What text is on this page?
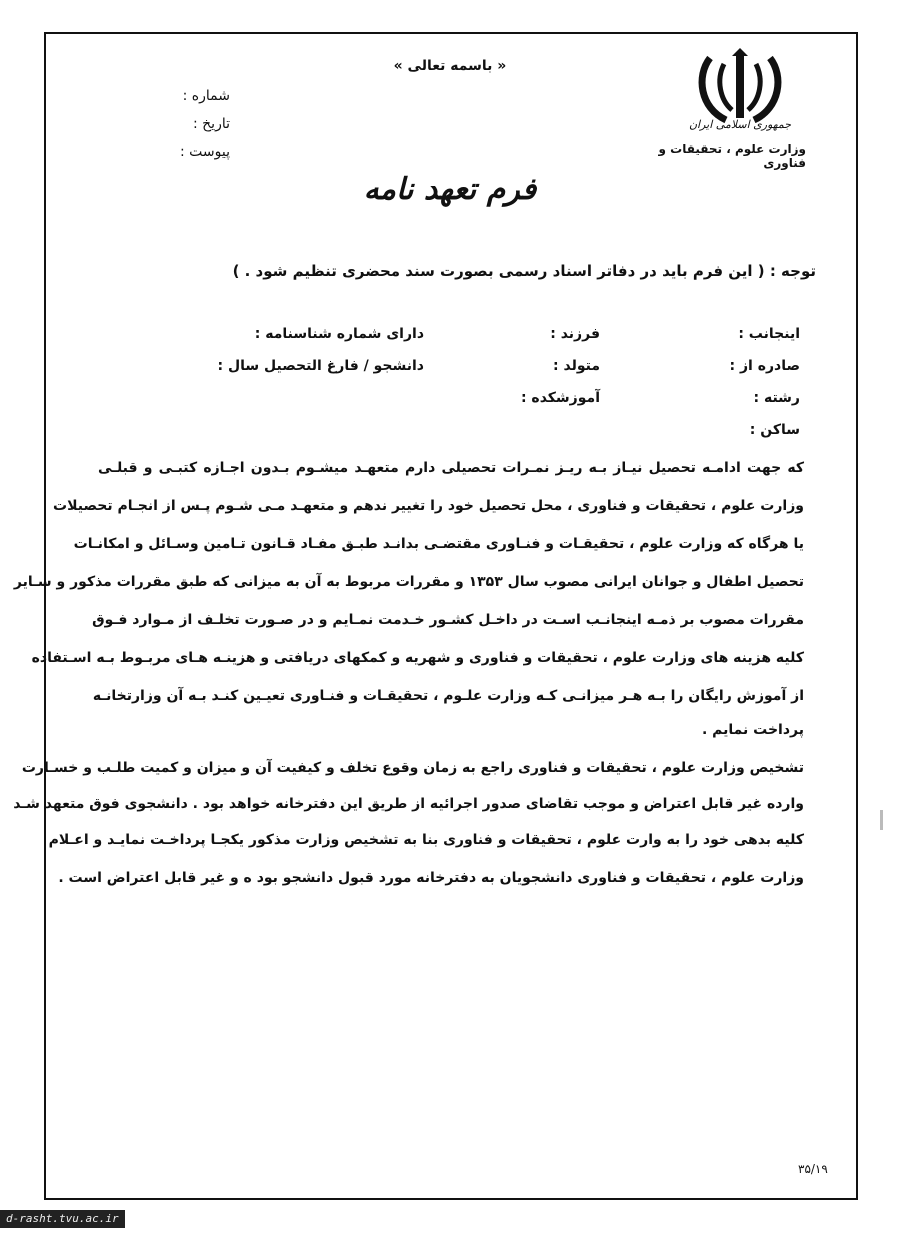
« باسمه تعالی »
جمهوری اسلامی ایران
وزارت علوم ، تحقیقات و فناوری
شماره :
تاریخ :
پیوست :
فرم تعهد نامه
توجه : ( این فرم باید در دفاتر اسناد رسمی بصورت سند محضری تنظیم شود . )
اینجانب :
فرزند :
دارای شماره شناسنامه :
صادره از :
متولد :
دانشجو / فارغ التحصیل سال :
رشته :
آموزشکده :
ساکن :
که جهت ادامـه تحصیل نیـاز بـه ریـز نمـرات تحصیلی دارم متعهـد میشـوم بـدون اجـازه کتبـی و قبلـی
وزارت علوم ، تحقیقات و فناوری ، محل تحصیل خود را تغییر ندهم و متعهـد مـی شـوم پـس از انجـام تحصیلات
یا هرگاه که وزارت علوم ، تحقیقـات و فنـاوری مقتضـی بدانـد طبـق مفـاد قـانون تـامین وسـائل و امکانـات
تحصیل اطفال و جوانان ایرانی مصوب سال ۱۳۵۳ و مقررات مربوط به آن به میزانی که طبق مقررات مذکور و سـایر
مقررات مصوب بر ذمـه اینجانـب اسـت در داخـل کشـور خـدمت نمـایم و در صـورت تخلـف از مـوارد فـوق
کلیه هزینه های وزارت علوم ، تحقیقات و فناوری و شهریه و کمکهای دریافتی و هزینـه هـای مربـوط بـه اسـتفاده
از آموزش رایگان را بـه هـر میزانـی کـه وزارت علـوم ، تحقیقـات و فنـاوری تعیـین کنـد بـه آن وزارتخانـه
پرداخت نمایم .
تشخیص وزارت علوم ، تحقیقات و فناوری راجع به زمان وقوع تخلف و کیفیت آن و میزان و کمیت طلـب و خسـارت
وارده غیر قابل اعتراض و موجب تقاضای صدور اجرائیه از طریق این دفترخانه خواهد بود . دانشجوی فوق متعهد شـد
کلیه بدهی خود را به وارت علوم ، تحقیقات و فناوری بنا به تشخیص وزارت مذکور یکجـا پرداخـت نمایـد و اعـلام
وزارت علوم ، تحقیقات و فناوری دانشجویان به دفترخانه مورد قبول دانشجو بود ه و غیر قابل اعتراض است .
۳۵/۱۹
d-rasht.tvu.ac.ir
